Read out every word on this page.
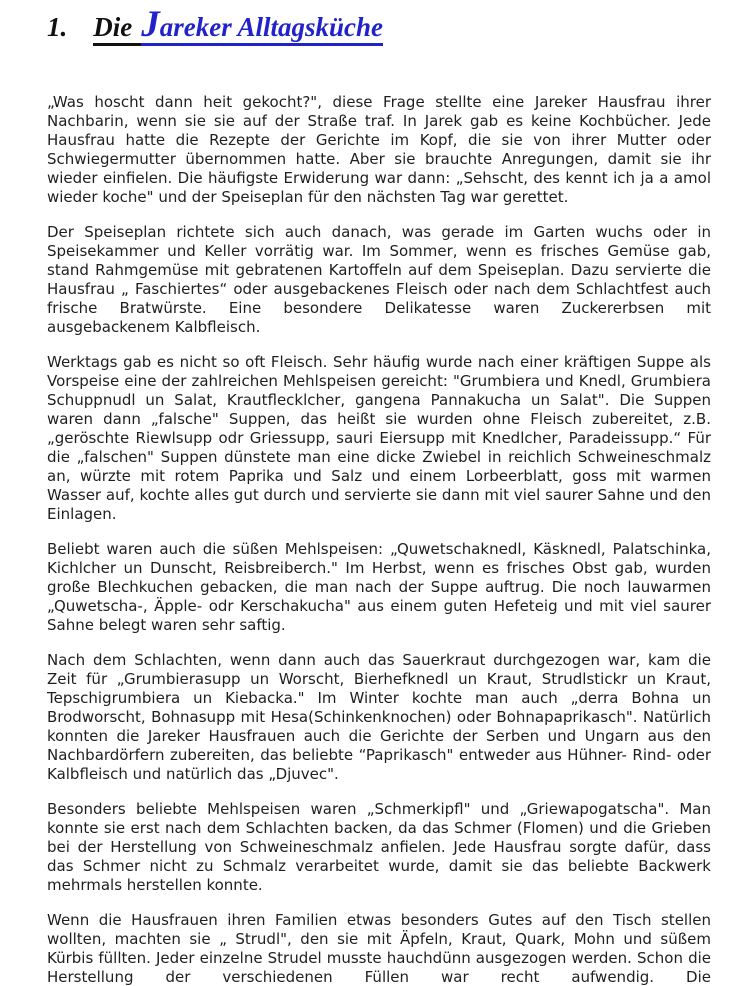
1. Die Jareker Alltagsküche

„Was hoscht dann heit gekocht?", diese Frage stellte eine Jareker Hausfrau ihrer Nachbarin, wenn sie sie auf der Straße traf. In Jarek gab es keine Kochbücher. Jede Hausfrau hatte die Rezepte der Gerichte im Kopf, die sie von ihrer Mutter oder Schwiegermutter übernommen hatte. Aber sie brauchte Anregungen, damit sie ihr wieder einfielen. Die häufigste Erwiderung war dann: „Sehscht, des kennt ich ja a amol wieder koche" und der Speiseplan für den nächsten Tag war gerettet.

Der Speiseplan richtete sich auch danach, was gerade im Garten wuchs oder in Speisekammer und Keller vorrätig war. Im Sommer, wenn es frisches Gemüse gab, stand Rahmgemüse mit gebratenen Kartoffeln auf dem Speiseplan. Dazu servierte die Hausfrau „ Faschiertes“ oder ausgebackenes Fleisch oder nach dem Schlachtfest auch frische Bratwürste. Eine besondere Delikatesse waren Zuckererbsen mit ausgebackenem Kalbfleisch.

Werktags gab es nicht so oft Fleisch. Sehr häufig wurde nach einer kräftigen Suppe als Vorspeise eine der zahlreichen Mehlspeisen gereicht: "Grumbiera und Knedl, Grumbiera Schuppnudl un Salat, Krautflecklcher, gangena Pannakucha un Salat". Die Suppen waren dann „falsche" Suppen, das heißt sie wurden ohne Fleisch zubereitet, z.B. „geröschte Riewlsupp odr Griessupp, sauri Eiersupp mit Knedlcher, Paradeissupp.“ Für die „falschen" Suppen dünstete man eine dicke Zwiebel in reichlich Schweineschmalz an, würzte mit rotem Paprika und Salz und einem Lorbeerblatt, goss mit warmen Wasser auf, kochte alles gut durch und servierte sie dann mit viel saurer Sahne und den Einlagen.

Beliebt waren auch die süßen Mehlspeisen: „Quwetschaknedl, Käsknedl, Palatschinka, Kichlcher un Dunscht, Reisbreiberch." Im Herbst, wenn es frisches Obst gab, wurden große Blechkuchen gebacken, die man nach der Suppe auftrug. Die noch lauwarmen „Quwetscha-, Äpple- odr Kerschakucha" aus einem guten Hefeteig und mit viel saurer Sahne belegt waren sehr saftig.

Nach dem Schlachten, wenn dann auch das Sauerkraut durchgezogen war, kam die Zeit für „Grumbierasupp un Worscht, Bierhefknedl un Kraut, Strudlstickr un Kraut, Tepschigrumbiera un Kiebacka." Im Winter kochte man auch „derra Bohna un Brodworscht, Bohnasupp mit Hesa(Schinkenknochen) oder Bohnapaprikasch". Natürlich konnten die Jareker Hausfrauen auch die Gerichte der Serben und Ungarn aus den Nachbardörfern zubereiten, das beliebte “Paprikasch" entweder aus Hühner- Rind- oder Kalbfleisch und natürlich das „Djuvec".

Besonders beliebte Mehlspeisen waren „Schmerkipfl" und „Griewapogatscha". Man konnte sie erst nach dem Schlachten backen, da das Schmer (Flomen) und die Grieben bei der Herstellung von Schweineschmalz anfielen. Jede Hausfrau sorgte dafür, dass das Schmer nicht zu Schmalz verarbeitet wurde, damit sie das beliebte Backwerk mehrmals herstellen konnte.

Wenn die Hausfrauen ihren Familien etwas besonders Gutes auf den Tisch stellen wollten, machten sie „ Strudl", den sie mit Äpfeln, Kraut, Quark, Mohn und süßem Kürbis füllten. Jeder einzelne Strudel musste hauchdünn ausgezogen werden. Schon die Herstellung der verschiedenen Füllen war recht aufwendig. Die
